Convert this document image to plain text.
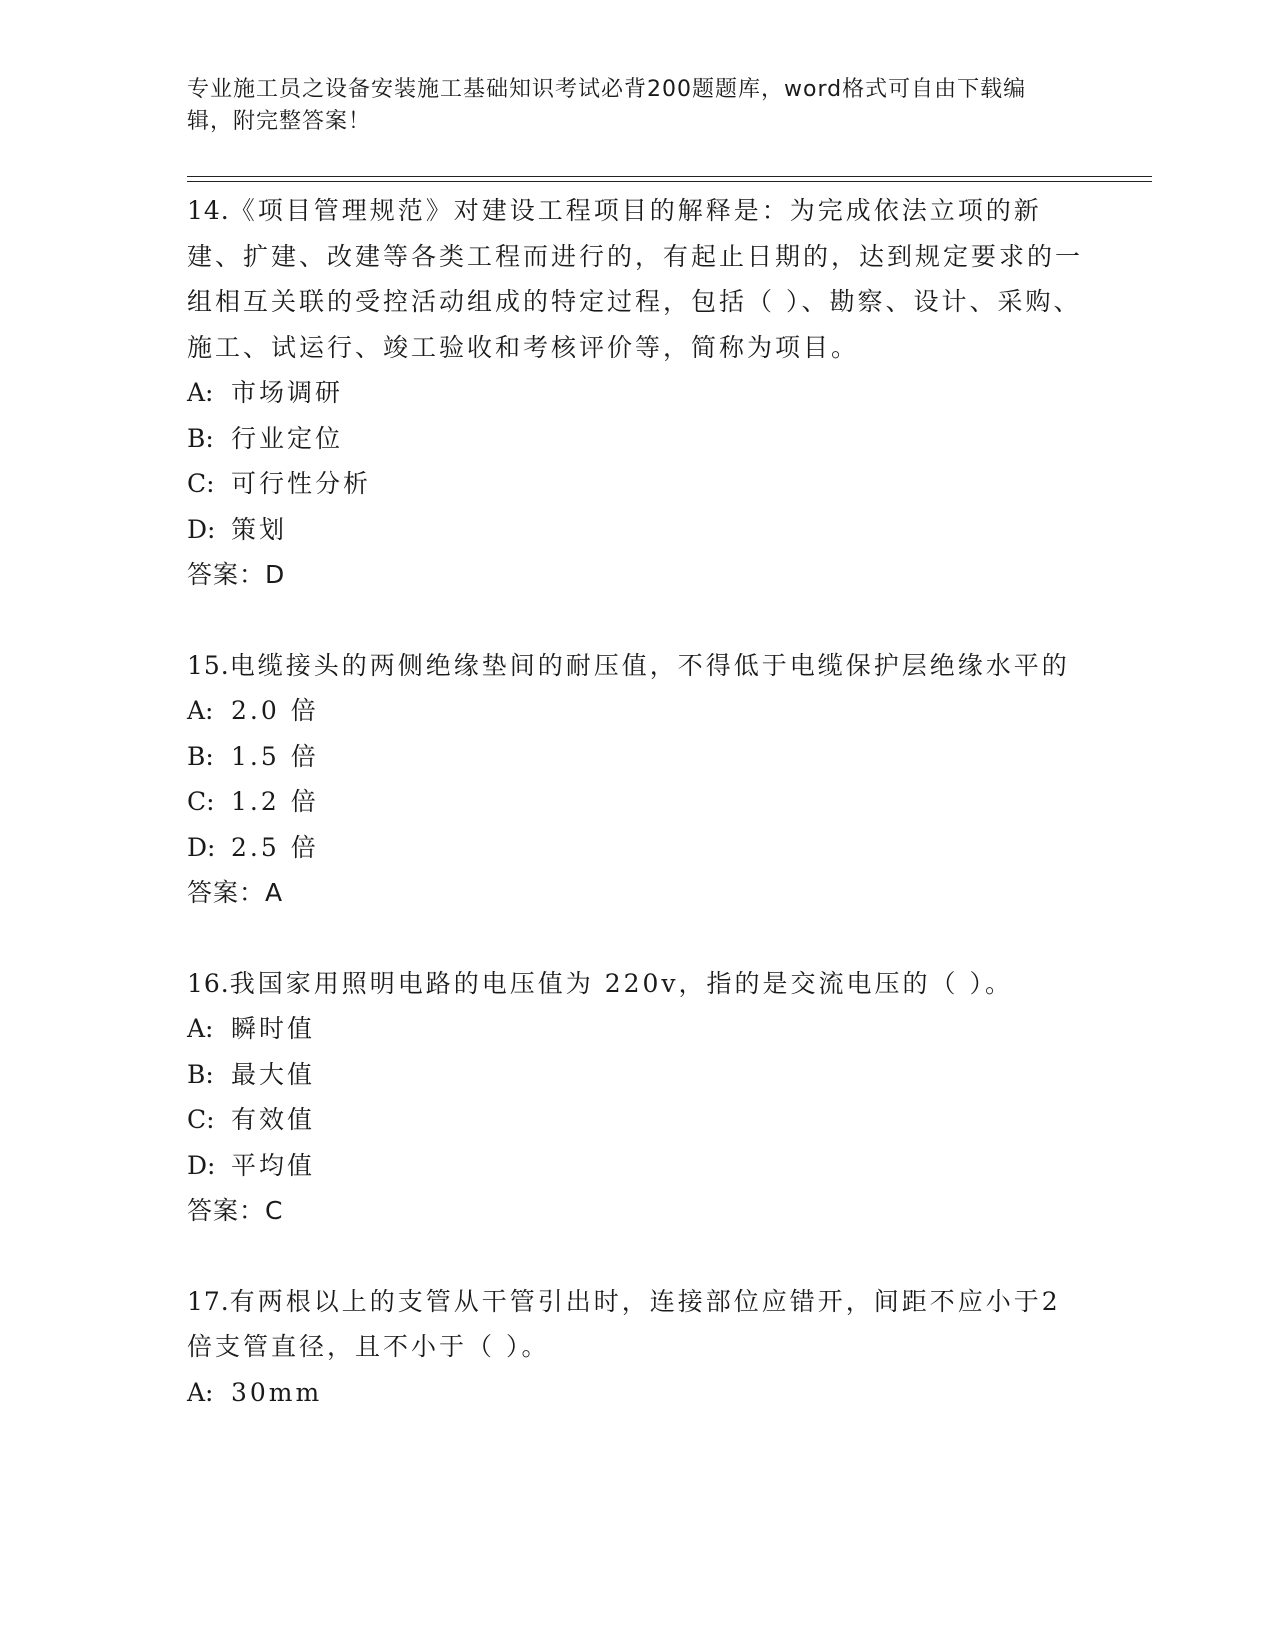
专业施工员之设备安装施工基础知识考试必背200题题库，word格式可自由下载编辑，附完整答案！
14.《项目管理规范》对建设工程项目的解释是：为完成依法立项的新建、扩建、改建等各类工程而进行的，有起止日期的，达到规定要求的一组相互关联的受控活动组成的特定过程，包括（ ）、勘察、设计、采购、施工、试运行、竣工验收和考核评价等，简称为项目。
A: 市场调研
B: 行业定位
C: 可行性分析
D: 策划
答案：D
15.电缆接头的两侧绝缘垫间的耐压值，不得低于电缆保护层绝缘水平的
A: 2.0 倍
B: 1.5 倍
C: 1.2 倍
D: 2.5 倍
答案：A
16.我国家用照明电路的电压值为 220v，指的是交流电压的（ ）。
A: 瞬时值
B: 最大值
C: 有效值
D: 平均值
答案：C
17.有两根以上的支管从干管引出时，连接部位应错开，间距不应小于2倍支管直径，且不小于（ ）。
A: 30mm
